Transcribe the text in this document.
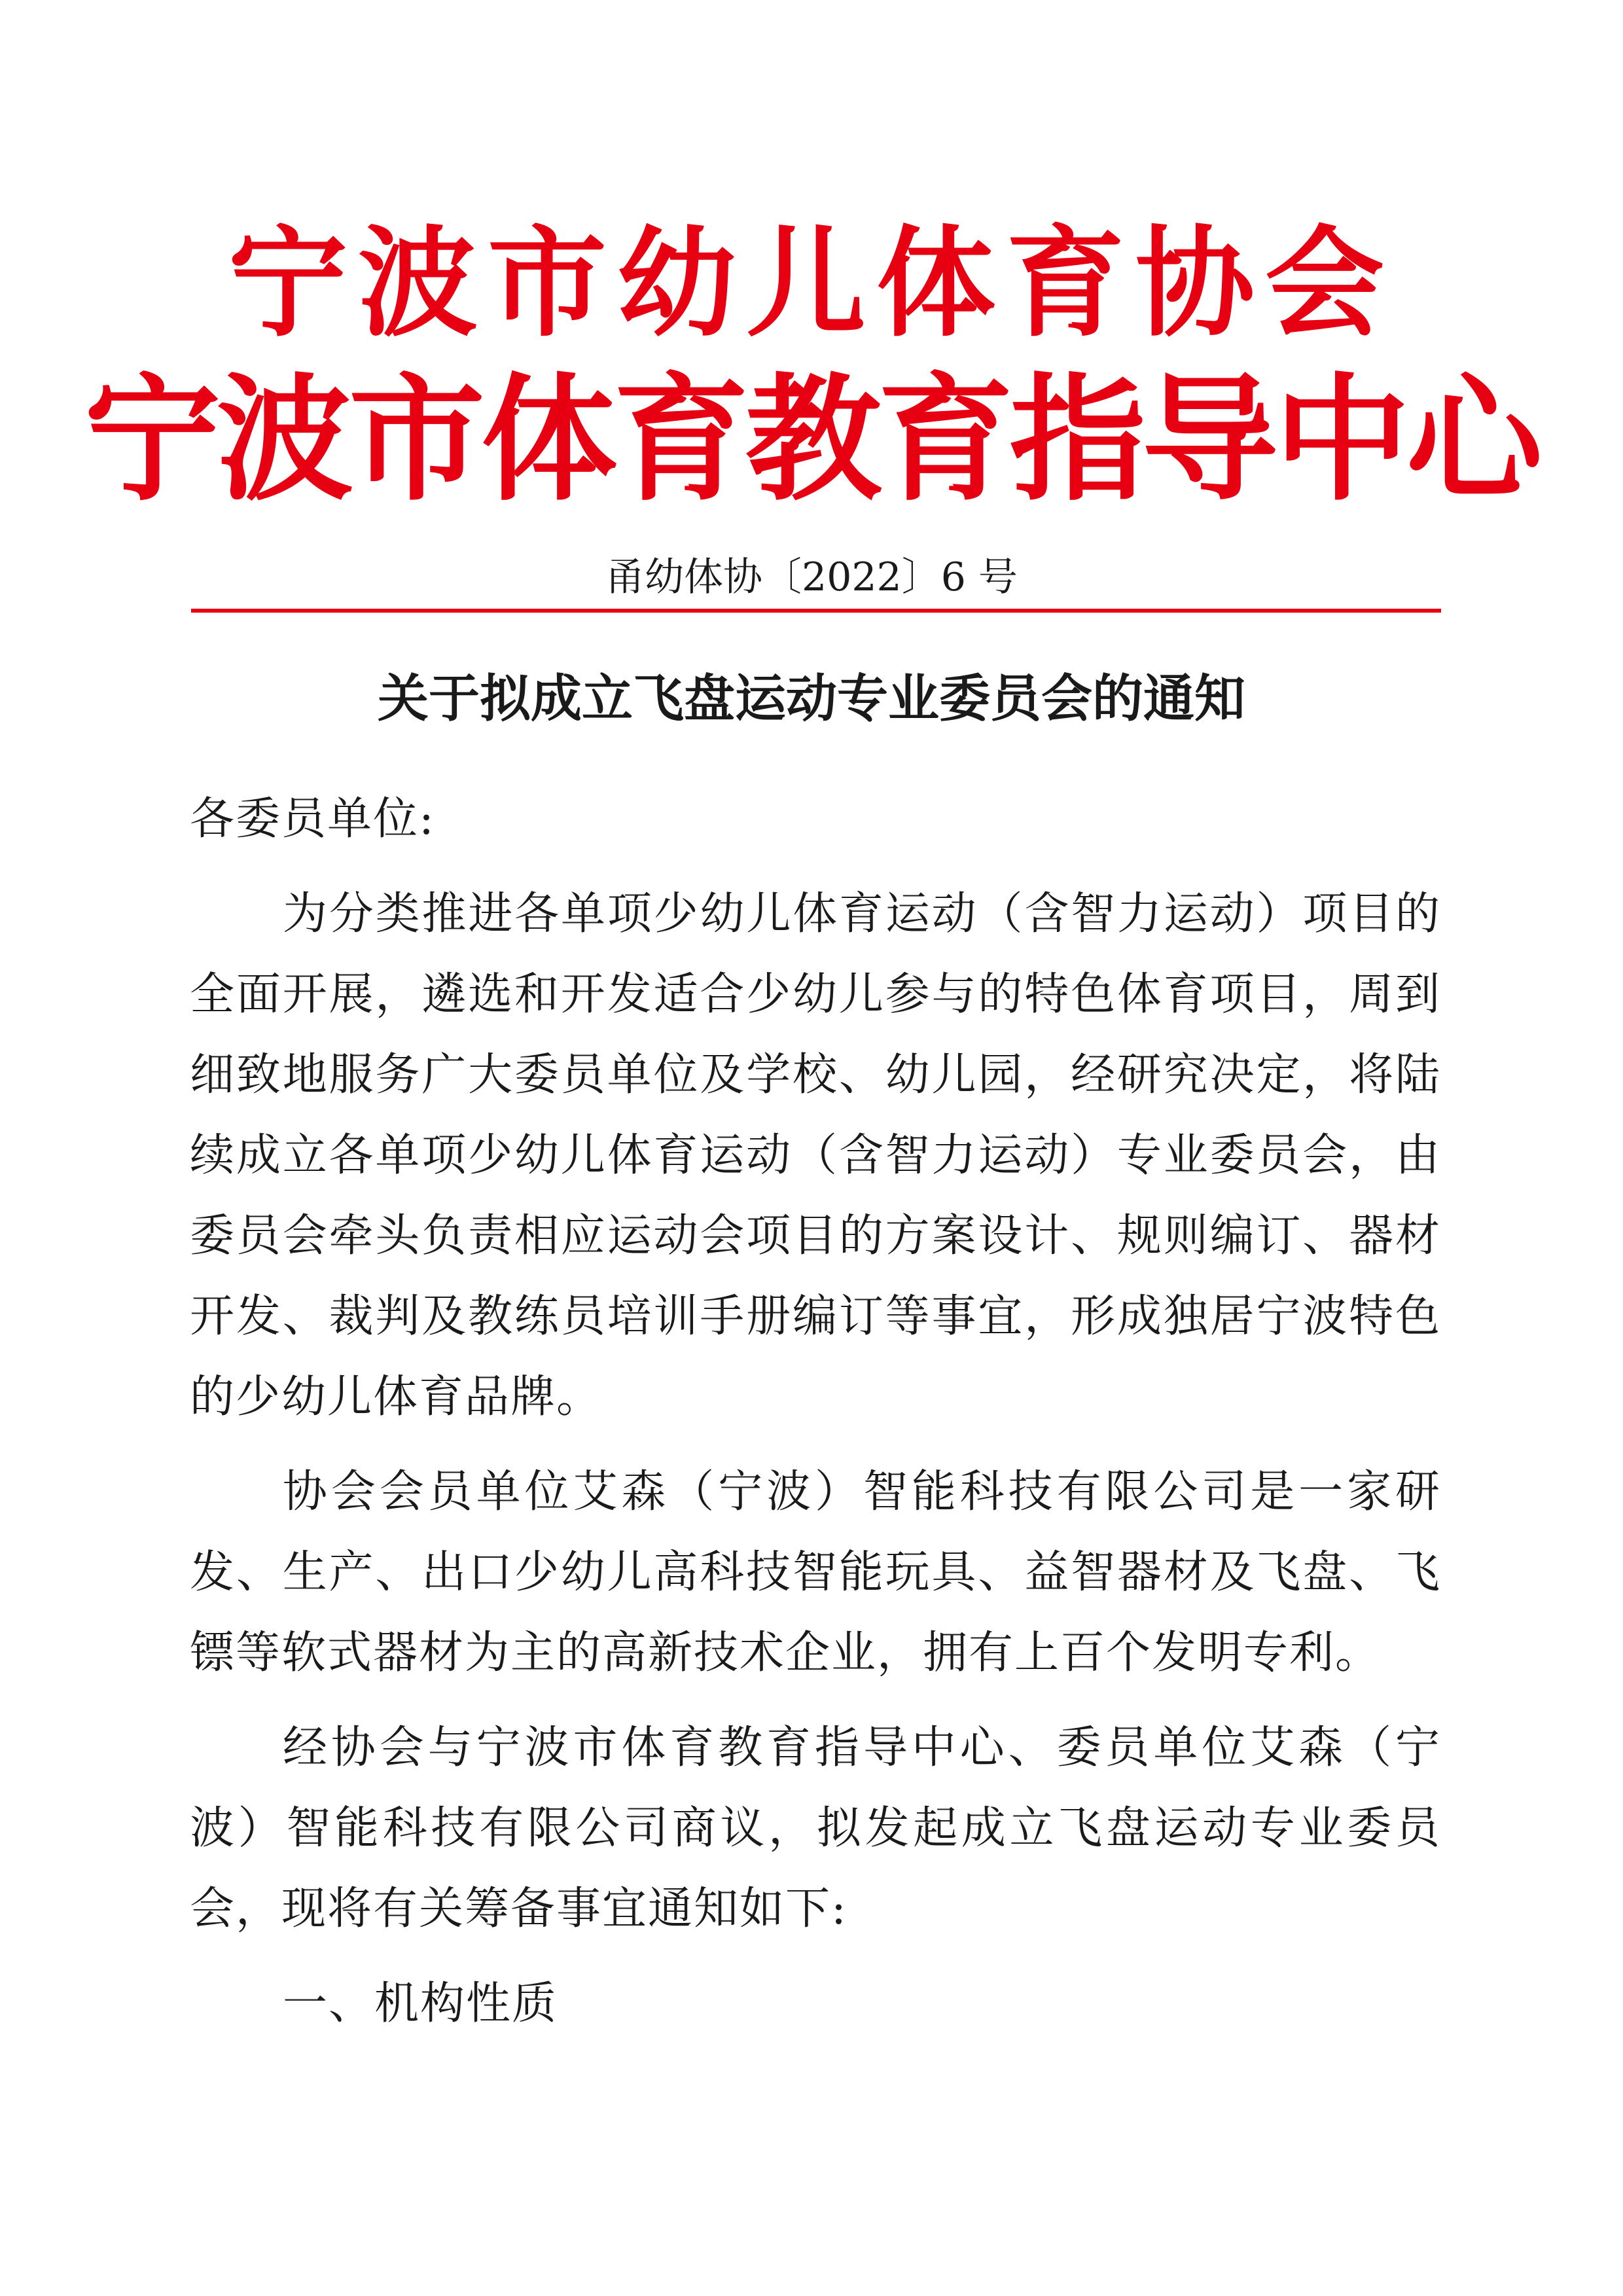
宁波市幼儿体育协会
宁波市体育教育指导中心
甬幼体协〔2022〕6 号
关于拟成立飞盘运动专业委员会的通知

各委员单位:

为分类推进各单项少幼儿体育运动（含智力运动）项目的全面开展，遴选和开发适合少幼儿参与的特色体育项目，周到细致地服务广大委员单位及学校、幼儿园，经研究决定，将陆续成立各单项少幼儿体育运动（含智力运动）专业委员会，由委员会牵头负责相应运动会项目的方案设计、规则编订、器材开发、裁判及教练员培训手册编订等事宜，形成独居宁波特色的少幼儿体育品牌。

协会会员单位艾森（宁波）智能科技有限公司是一家研发、生产、出口少幼儿高科技智能玩具、益智器材及飞盘、飞镖等软式器材为主的高新技术企业，拥有上百个发明专利。

经协会与宁波市体育教育指导中心、委员单位艾森（宁波）智能科技有限公司商议，拟发起成立飞盘运动专业委员会，现将有关筹备事宜通知如下:

一、机构性质
